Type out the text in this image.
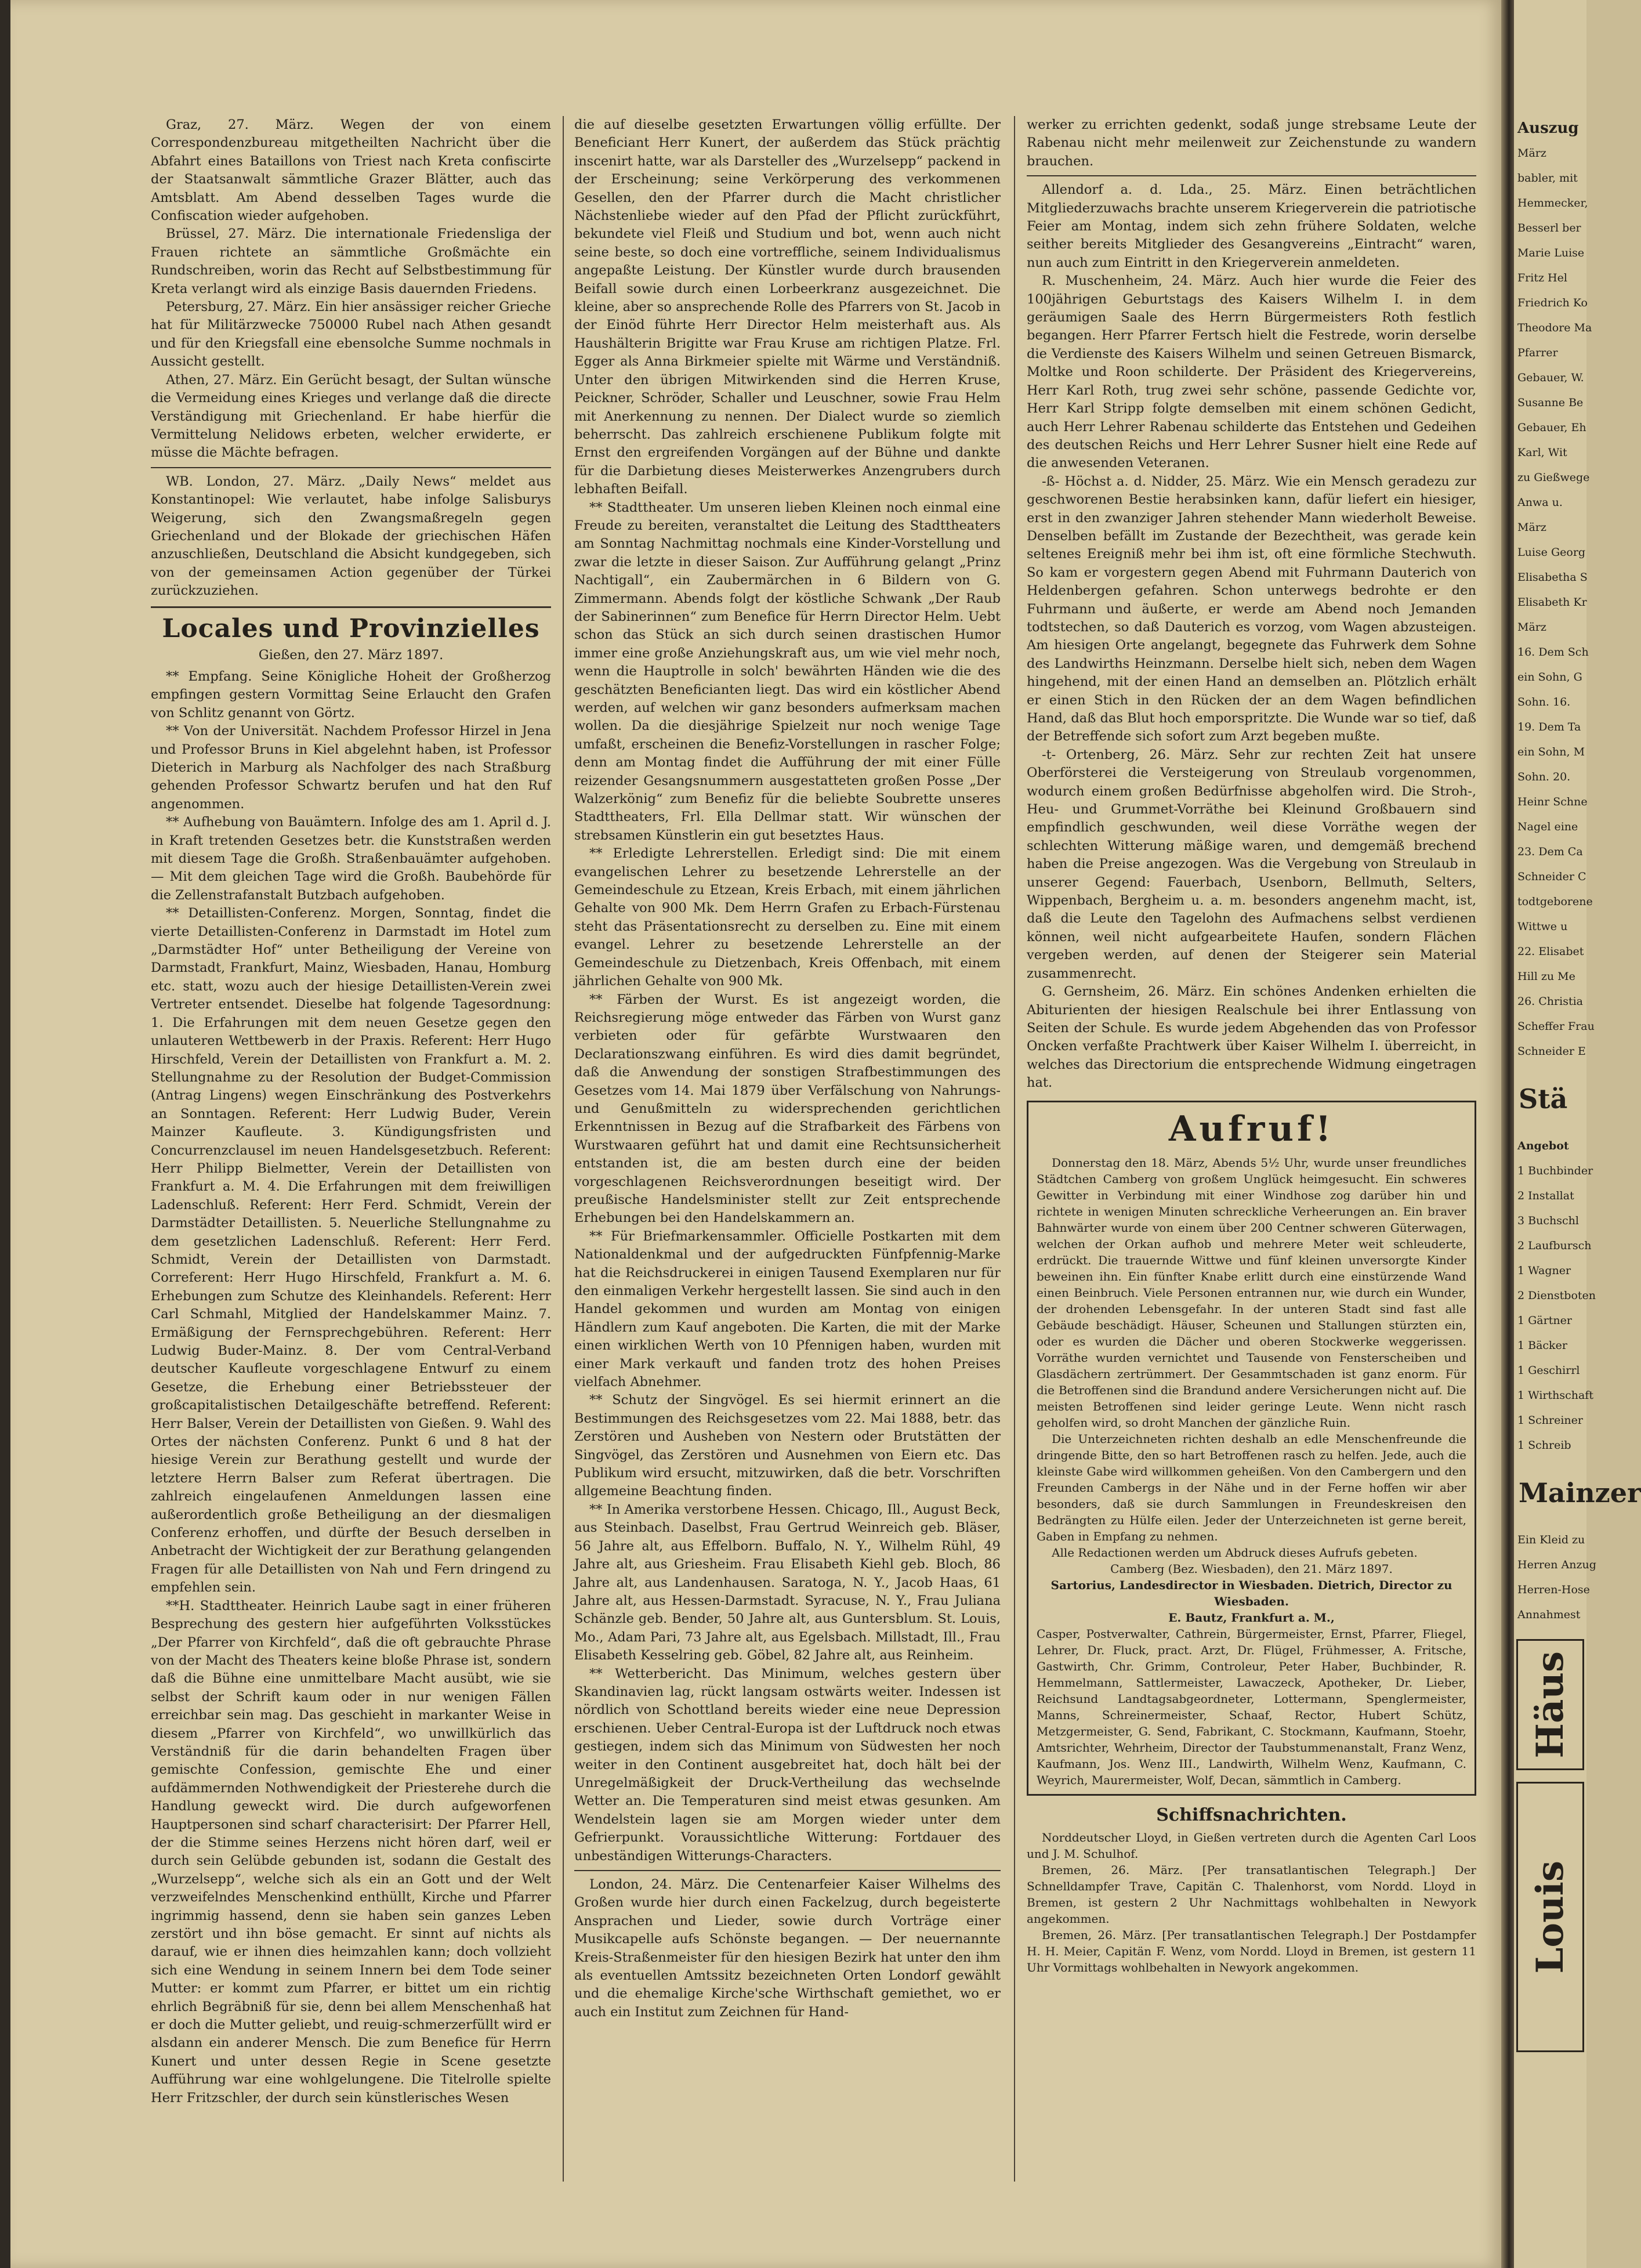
Graz, 27. März. Wegen der von einem Correspondenzbureau mitgetheilten Nachricht über die Abfahrt eines Bataillons von Triest nach Kreta confiscirte der Staatsanwalt sämmtliche Grazer Blätter, auch das Amtsblatt. Am Abend desselben Tages wurde die Confiscation wieder aufgehoben.

Brüssel, 27. März. Die internationale Friedensliga der Frauen richtete an sämmtliche Großmächte ein Rundschreiben, worin das Recht auf Selbstbestimmung für Kreta verlangt wird als einzige Basis dauernden Friedens.

Petersburg, 27. März. Ein hier ansässiger reicher Grieche hat für Militärzwecke 750000 Rubel nach Athen gesandt und für den Kriegsfall eine ebensolche Summe nochmals in Aussicht gestellt.

Athen, 27. März. Ein Gerücht besagt, der Sultan wünsche die Vermeidung eines Krieges und verlange daß die directe Verständigung mit Griechenland. Er habe hierfür die Vermittelung Nelidows erbeten, welcher erwiderte, er müsse die Mächte befragen.

WB. London, 27. März. „Daily News“ meldet aus Konstantinopel: Wie verlautet, habe infolge Salisburys Weigerung, sich den Zwangsmaßregeln gegen Griechenland und der Blokade der griechischen Häfen anzuschließen, Deutschland die Absicht kundgegeben, sich von der gemeinsamen Action gegenüber der Türkei zurückzuziehen.

Locales und Provinzielles
Gießen, den 27. März 1897.

** Empfang. Seine Königliche Hoheit der Großherzog empfingen gestern Vormittag Seine Erlaucht den Grafen von Schlitz genannt von Görtz.

** Von der Universität. Nachdem Professor Hirzel in Jena und Professor Bruns in Kiel abgelehnt haben, ist Professor Dieterich in Marburg als Nachfolger des nach Straßburg gehenden Professor Schwartz berufen und hat den Ruf angenommen.

** Aufhebung von Bauämtern. Infolge des am 1. April d. J. in Kraft tretenden Gesetzes betr. die Kunststraßen werden mit diesem Tage die Großh. Straßenbauämter aufgehoben. — Mit dem gleichen Tage wird die Großh. Baubehörde für die Zellenstrafanstalt Butzbach aufgehoben.

** Detaillisten-Conferenz. Morgen, Sonntag, findet die vierte Detaillisten-Conferenz in Darmstadt im Hotel zum „Darmstädter Hof“ unter Betheiligung der Vereine von Darmstadt, Frankfurt, Mainz, Wiesbaden, Hanau, Homburg etc. statt, wozu auch der hiesige Detaillisten-Verein zwei Vertreter entsendet. Dieselbe hat folgende Tagesordnung: 1. Die Erfahrungen mit dem neuen Gesetze gegen den unlauteren Wettbewerb in der Praxis. Referent: Herr Hugo Hirschfeld, Verein der Detaillisten von Frankfurt a. M. 2. Stellungnahme zu der Resolution der Budget-Commission (Antrag Lingens) wegen Einschränkung des Postverkehrs an Sonntagen. Referent: Herr Ludwig Buder, Verein Mainzer Kaufleute. 3. Kündigungsfristen und Concurrenzclausel im neuen Handelsgesetzbuch. Referent: Herr Philipp Bielmetter, Verein der Detaillisten von Frankfurt a. M. 4. Die Erfahrungen mit dem freiwilligen Ladenschluß. Referent: Herr Ferd. Schmidt, Verein der Darmstädter Detaillisten. 5. Neuerliche Stellungnahme zu dem gesetzlichen Ladenschluß. Referent: Herr Ferd. Schmidt, Verein der Detaillisten von Darmstadt. Correferent: Herr Hugo Hirschfeld, Frankfurt a. M. 6. Erhebungen zum Schutze des Kleinhandels. Referent: Herr Carl Schmahl, Mitglied der Handelskammer Mainz. 7. Ermäßigung der Fernsprechgebühren. Referent: Herr Ludwig Buder-Mainz. 8. Der vom Central-Verband deutscher Kaufleute vorgeschlagene Entwurf zu einem Gesetze, die Erhebung einer Betriebssteuer der großcapitalistischen Detailgeschäfte betreffend. Referent: Herr Balser, Verein der Detaillisten von Gießen. 9. Wahl des Ortes der nächsten Conferenz. Punkt 6 und 8 hat der hiesige Verein zur Berathung gestellt und wurde der letztere Herrn Balser zum Referat übertragen. Die zahlreich eingelaufenen Anmeldungen lassen eine außerordentlich große Betheiligung an der diesmaligen Conferenz erhoffen, und dürfte der Besuch derselben in Anbetracht der Wichtigkeit der zur Berathung gelangenden Fragen für alle Detaillisten von Nah und Fern dringend zu empfehlen sein.

**H. Stadttheater. Heinrich Laube sagt in einer früheren Besprechung des gestern hier aufgeführten Volksstückes „Der Pfarrer von Kirchfeld“, daß die oft gebrauchte Phrase von der Macht des Theaters keine bloße Phrase ist, sondern daß die Bühne eine unmittelbare Macht ausübt, wie sie selbst der Schrift kaum oder in nur wenigen Fällen erreichbar sein mag. Das geschieht in markanter Weise in diesem „Pfarrer von Kirchfeld“, wo unwillkürlich das Verständniß für die darin behandelten Fragen über gemischte Confession, gemischte Ehe und einer aufdämmernden Nothwendigkeit der Priesterehe durch die Handlung geweckt wird. Die durch aufgeworfenen Hauptpersonen sind scharf characterisirt: Der Pfarrer Hell, der die Stimme seines Herzens nicht hören darf, weil er durch sein Gelübde gebunden ist, sodann die Gestalt des „Wurzelsepp“, welche sich als ein an Gott und der Welt verzweifelndes Menschenkind enthüllt, Kirche und Pfarrer ingrimmig hassend, denn sie haben sein ganzes Leben zerstört und ihn böse gemacht. Er sinnt auf nichts als darauf, wie er ihnen dies heimzahlen kann; doch vollzieht sich eine Wendung in seinem Innern bei dem Tode seiner Mutter: er kommt zum Pfarrer, er bittet um ein richtig ehrlich Begräbniß für sie, denn bei allem Menschenhaß hat er doch die Mutter geliebt, und reuig-schmerzerfüllt wird er alsdann ein anderer Mensch. Die zum Benefice für Herrn Kunert und unter dessen Regie in Scene gesetzte Aufführung war eine wohlgelungene. Die Titelrolle spielte Herr Fritzschler, der durch sein künstlerisches Wesen

die auf dieselbe gesetzten Erwartungen völlig erfüllte. Der Beneficiant Herr Kunert, der außerdem das Stück prächtig inscenirt hatte, war als Darsteller des „Wurzelsepp“ packend in der Erscheinung; seine Verkörperung des verkommenen Gesellen, den der Pfarrer durch die Macht christlicher Nächstenliebe wieder auf den Pfad der Pflicht zurückführt, bekundete viel Fleiß und Studium und bot, wenn auch nicht seine beste, so doch eine vortreffliche, seinem Individualismus angepaßte Leistung. Der Künstler wurde durch brausenden Beifall sowie durch einen Lorbeerkranz ausgezeichnet. Die kleine, aber so ansprechende Rolle des Pfarrers von St. Jacob in der Einöd führte Herr Director Helm meisterhaft aus. Als Haushälterin Brigitte war Frau Kruse am richtigen Platze. Frl. Egger als Anna Birkmeier spielte mit Wärme und Verständniß. Unter den übrigen Mitwirkenden sind die Herren Kruse, Peickner, Schröder, Schaller und Leuschner, sowie Frau Helm mit Anerkennung zu nennen. Der Dialect wurde so ziemlich beherrscht. Das zahlreich erschienene Publikum folgte mit Ernst den ergreifenden Vorgängen auf der Bühne und dankte für die Darbietung dieses Meisterwerkes Anzengrubers durch lebhaften Beifall.

** Stadttheater. Um unseren lieben Kleinen noch einmal eine Freude zu bereiten, veranstaltet die Leitung des Stadttheaters am Sonntag Nachmittag nochmals eine Kinder-Vorstellung und zwar die letzte in dieser Saison. Zur Aufführung gelangt „Prinz Nachtigall“, ein Zaubermärchen in 6 Bildern von G. Zimmermann. Abends folgt der köstliche Schwank „Der Raub der Sabinerinnen“ zum Benefice für Herrn Director Helm. Uebt schon das Stück an sich durch seinen drastischen Humor immer eine große Anziehungskraft aus, um wie viel mehr noch, wenn die Hauptrolle in solch' bewährten Händen wie die des geschätzten Beneficianten liegt. Das wird ein köstlicher Abend werden, auf welchen wir ganz besonders aufmerksam machen wollen. Da die diesjährige Spielzeit nur noch wenige Tage umfaßt, erscheinen die Benefiz-Vorstellungen in rascher Folge; denn am Montag findet die Aufführung der mit einer Fülle reizender Gesangsnummern ausgestatteten großen Posse „Der Walzerkönig“ zum Benefiz für die beliebte Soubrette unseres Stadttheaters, Frl. Ella Dellmar statt. Wir wünschen der strebsamen Künstlerin ein gut besetztes Haus.

** Erledigte Lehrerstellen. Erledigt sind: Die mit einem evangelischen Lehrer zu besetzende Lehrerstelle an der Gemeindeschule zu Etzean, Kreis Erbach, mit einem jährlichen Gehalte von 900 Mk. Dem Herrn Grafen zu Erbach-Fürstenau steht das Präsentationsrecht zu derselben zu. Eine mit einem evangel. Lehrer zu besetzende Lehrerstelle an der Gemeindeschule zu Dietzenbach, Kreis Offenbach, mit einem jährlichen Gehalte von 900 Mk.

** Färben der Wurst. Es ist angezeigt worden, die Reichsregierung möge entweder das Färben von Wurst ganz verbieten oder für gefärbte Wurstwaaren den Declarationszwang einführen. Es wird dies damit begründet, daß die Anwendung der sonstigen Strafbestimmungen des Gesetzes vom 14. Mai 1879 über Verfälschung von Nahrungs- und Genußmitteln zu widersprechenden gerichtlichen Erkenntnissen in Bezug auf die Strafbarkeit des Färbens von Wurstwaaren geführt hat und damit eine Rechtsunsicherheit entstanden ist, die am besten durch eine der beiden vorgeschlagenen Reichsverordnungen beseitigt wird. Der preußische Handelsminister stellt zur Zeit entsprechende Erhebungen bei den Handelskammern an.

** Für Briefmarkensammler. Officielle Postkarten mit dem Nationaldenkmal und der aufgedruckten Fünfpfennig-Marke hat die Reichsdruckerei in einigen Tausend Exemplaren nur für den einmaligen Verkehr hergestellt lassen. Sie sind auch in den Handel gekommen und wurden am Montag von einigen Händlern zum Kauf angeboten. Die Karten, die mit der Marke einen wirklichen Werth von 10 Pfennigen haben, wurden mit einer Mark verkauft und fanden trotz des hohen Preises vielfach Abnehmer.

** Schutz der Singvögel. Es sei hiermit erinnert an die Bestimmungen des Reichsgesetzes vom 22. Mai 1888, betr. das Zerstören und Ausheben von Nestern oder Brutstätten der Singvögel, das Zerstören und Ausnehmen von Eiern etc. Das Publikum wird ersucht, mitzuwirken, daß die betr. Vorschriften allgemeine Beachtung finden.

** In Amerika verstorbene Hessen. Chicago, Ill., August Beck, aus Steinbach. Daselbst, Frau Gertrud Weinreich geb. Bläser, 56 Jahre alt, aus Effelborn. Buffalo, N. Y., Wilhelm Rühl, 49 Jahre alt, aus Griesheim. Frau Elisabeth Kiehl geb. Bloch, 86 Jahre alt, aus Landenhausen. Saratoga, N. Y., Jacob Haas, 61 Jahre alt, aus Hessen-Darmstadt. Syracuse, N. Y., Frau Juliana Schänzle geb. Bender, 50 Jahre alt, aus Guntersblum. St. Louis, Mo., Adam Pari, 73 Jahre alt, aus Egelsbach. Millstadt, Ill., Frau Elisabeth Kesselring geb. Göbel, 82 Jahre alt, aus Reinheim.

** Wetterbericht. Das Minimum, welches gestern über Skandinavien lag, rückt langsam ostwärts weiter. Indessen ist nördlich von Schottland bereits wieder eine neue Depression erschienen. Ueber Central-Europa ist der Luftdruck noch etwas gestiegen, indem sich das Minimum von Südwesten her noch weiter in den Continent ausgebreitet hat, doch hält bei der Unregelmäßigkeit der Druck-Vertheilung das wechselnde Wetter an. Die Temperaturen sind meist etwas gesunken. Am Wendelstein lagen sie am Morgen wieder unter dem Gefrierpunkt. Voraussichtliche Witterung: Fortdauer des unbeständigen Witterungs-Characters.

London, 24. März. Die Centenarfeier Kaiser Wilhelms des Großen wurde hier durch einen Fackelzug, durch begeisterte Ansprachen und Lieder, sowie durch Vorträge einer Musikcapelle aufs Schönste begangen. — Der neuernannte Kreis-Straßenmeister für den hiesigen Bezirk hat unter den ihm als eventuellen Amtssitz bezeichneten Orten Londorf gewählt und die ehemalige Kirche'sche Wirthschaft gemiethet, wo er auch ein Institut zum Zeichnen für Hand-

werker zu errichten gedenkt, sodaß junge strebsame Leute der Rabenau nicht mehr meilenweit zur Zeichenstunde zu wandern brauchen.

Allendorf a. d. Lda., 25. März. Einen beträchtlichen Mitgliederzuwachs brachte unserem Kriegerverein die patriotische Feier am Montag, indem sich zehn frühere Soldaten, welche seither bereits Mitglieder des Gesangvereins „Eintracht“ waren, nun auch zum Eintritt in den Kriegerverein anmeldeten.

R. Muschenheim, 24. März. Auch hier wurde die Feier des 100jährigen Geburtstags des Kaisers Wilhelm I. in dem geräumigen Saale des Herrn Bürgermeisters Roth festlich begangen. Herr Pfarrer Fertsch hielt die Festrede, worin derselbe die Verdienste des Kaisers Wilhelm und seinen Getreuen Bismarck, Moltke und Roon schilderte. Der Präsident des Kriegervereins, Herr Karl Roth, trug zwei sehr schöne, passende Gedichte vor, Herr Karl Stripp folgte demselben mit einem schönen Gedicht, auch Herr Lehrer Rabenau schilderte das Entstehen und Gedeihen des deutschen Reichs und Herr Lehrer Susner hielt eine Rede auf die anwesenden Veteranen.

-ß- Höchst a. d. Nidder, 25. März. Wie ein Mensch geradezu zur geschworenen Bestie herabsinken kann, dafür liefert ein hiesiger, erst in den zwanziger Jahren stehender Mann wiederholt Beweise. Denselben befällt im Zustande der Bezechtheit, was gerade kein seltenes Ereigniß mehr bei ihm ist, oft eine förmliche Stechwuth. So kam er vorgestern gegen Abend mit Fuhrmann Dauterich von Heldenbergen gefahren. Schon unterwegs bedrohte er den Fuhrmann und äußerte, er werde am Abend noch Jemanden todtstechen, so daß Dauterich es vorzog, vom Wagen abzusteigen. Am hiesigen Orte angelangt, begegnete das Fuhrwerk dem Sohne des Landwirths Heinzmann. Derselbe hielt sich, neben dem Wagen hingehend, mit der einen Hand an demselben an. Plötzlich erhält er einen Stich in den Rücken der an dem Wagen befindlichen Hand, daß das Blut hoch emporspritzte. Die Wunde war so tief, daß der Betreffende sich sofort zum Arzt begeben mußte.

-t- Ortenberg, 26. März. Sehr zur rechten Zeit hat unsere Oberförsterei die Versteigerung von Streulaub vorgenommen, wodurch einem großen Bedürfnisse abgeholfen wird. Die Stroh-, Heu- und Grummet-Vorräthe bei Kleinund Großbauern sind empfindlich geschwunden, weil diese Vorräthe wegen der schlechten Witterung mäßige waren, und demgemäß brechend haben die Preise angezogen. Was die Vergebung von Streulaub in unserer Gegend: Fauerbach, Usenborn, Bellmuth, Selters, Wippenbach, Bergheim u. a. m. besonders angenehm macht, ist, daß die Leute den Tagelohn des Aufmachens selbst verdienen können, weil nicht aufgearbeitete Haufen, sondern Flächen vergeben werden, auf denen der Steigerer sein Material zusammenrecht.

G. Gernsheim, 26. März. Ein schönes Andenken erhielten die Abiturienten der hiesigen Realschule bei ihrer Entlassung von Seiten der Schule. Es wurde jedem Abgehenden das von Professor Oncken verfaßte Prachtwerk über Kaiser Wilhelm I. überreicht, in welches das Directorium die entsprechende Widmung eingetragen hat.

Aufruf!

Donnerstag den 18. März, Abends 5½ Uhr, wurde unser freundliches Städtchen Camberg von großem Unglück heimgesucht. Ein schweres Gewitter in Verbindung mit einer Windhose zog darüber hin und richtete in wenigen Minuten schreckliche Verheerungen an. Ein braver Bahnwärter wurde von einem über 200 Centner schweren Güterwagen, welchen der Orkan aufhob und mehrere Meter weit schleuderte, erdrückt. Die trauernde Wittwe und fünf kleinen unversorgte Kinder beweinen ihn. Ein fünfter Knabe erlitt durch eine einstürzende Wand einen Beinbruch. Viele Personen entrannen nur, wie durch ein Wunder, der drohenden Lebensgefahr. In der unteren Stadt sind fast alle Gebäude beschädigt. Häuser, Scheunen und Stallungen stürzten ein, oder es wurden die Dächer und oberen Stockwerke weggerissen. Vorräthe wurden vernichtet und Tausende von Fensterscheiben und Glasdächern zertrümmert. Der Gesammtschaden ist ganz enorm. Für die Betroffenen sind die Brandund andere Versicherungen nicht auf. Die meisten Betroffenen sind leider geringe Leute. Wenn nicht rasch geholfen wird, so droht Manchen der gänzliche Ruin.

Die Unterzeichneten richten deshalb an edle Menschenfreunde die dringende Bitte, den so hart Betroffenen rasch zu helfen. Jede, auch die kleinste Gabe wird willkommen geheißen. Von den Cambergern und den Freunden Cambergs in der Nähe und in der Ferne hoffen wir aber besonders, daß sie durch Sammlungen in Freundeskreisen den Bedrängten zu Hülfe eilen. Jeder der Unterzeichneten ist gerne bereit, Gaben in Empfang zu nehmen.

Alle Redactionen werden um Abdruck dieses Aufrufs gebeten.

Camberg (Bez. Wiesbaden), den 21. März 1897.
Sartorius, Landesdirector in Wiesbaden. Dietrich, Director zu Wiesbaden.
E. Bautz, Frankfurt a. M.,

Casper, Postverwalter, Cathrein, Bürgermeister, Ernst, Pfarrer, Fliegel, Lehrer, Dr. Fluck, pract. Arzt, Dr. Flügel, Frühmesser, A. Fritsche, Gastwirth, Chr. Grimm, Controleur, Peter Haber, Buchbinder, R. Hemmelmann, Sattlermeister, Lawaczeck, Apotheker, Dr. Lieber, Reichsund Landtagsabgeordneter, Lottermann, Spenglermeister, Manns, Schreinermeister, Schaaf, Rector, Hubert Schütz, Metzgermeister, G. Send, Fabrikant, C. Stockmann, Kaufmann, Stoehr, Amtsrichter, Wehrheim, Director der Taubstummenanstalt, Franz Wenz, Kaufmann, Jos. Wenz III., Landwirth, Wilhelm Wenz, Kaufmann, C. Weyrich, Maurermeister, Wolf, Decan, sämmtlich in Camberg.

Schiffsnachrichten.

Norddeutscher Lloyd, in Gießen vertreten durch die Agenten Carl Loos und J. M. Schulhof.

Bremen, 26. März. [Per transatlantischen Telegraph.] Der Schnelldampfer Trave, Capitän C. Thalenhorst, vom Nordd. Lloyd in Bremen, ist gestern 2 Uhr Nachmittags wohlbehalten in Newyork angekommen.

Bremen, 26. März. [Per transatlantischen Telegraph.] Der Postdampfer H. H. Meier, Capitän F. Wenz, vom Nordd. Lloyd in Bremen, ist gestern 11 Uhr Vormittags wohlbehalten in Newyork angekommen.

Auszug
März
babler, mit
Hemmecker,
Besserl ber
Marie Luise
Fritz Hel
Friedrich Ko
Theodore Ma
Pfarrer
Gebauer, W.
Susanne Be
Gebauer, Eh
Karl, Wit
zu Gießwege
Anwa u.
März
Luise Georg
Elisabetha S
Elisabeth Kr
März
16. Dem Sch
ein Sohn, G
Sohn. 16.
19. Dem Ta
ein Sohn, M
Sohn. 20.
Heinr Schne
Nagel eine
23. Dem Ca
Schneider C
todtgeborene
Wittwe u
22. Elisabet
Hill zu Me
26. Christia
Scheffer Frau
Schneider E
Stä
Angebot
1 Buchbinder
2 Installat
3 Buchschl
2 Laufbursch
1 Wagner
2 Dienstboten
1 Gärtner
1 Bäcker
1 Geschirrl
1 Wirthschaft
1 Schreiner
1 Schreib
Mainzer
Ein Kleid zu
Herren Anzug
Herren-Hose
Annahmest
Häus
Louis
